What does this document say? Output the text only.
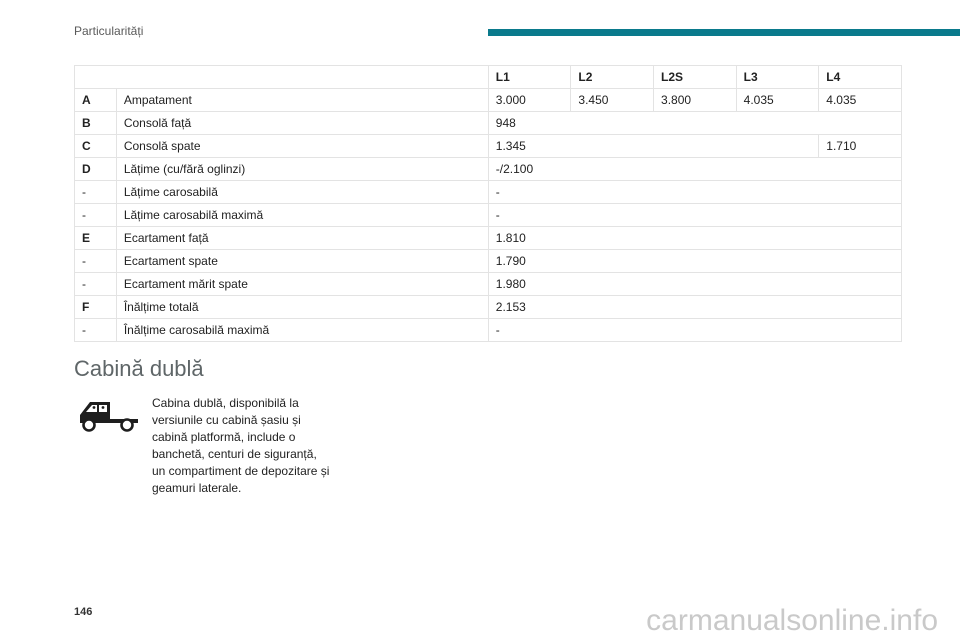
Particularități
		L1	L2	L2S	L3	L4
A	Ampatament	3.000	3.450	3.800	4.035	4.035
B	Consolă față	948				
C	Consolă spate	1.345				1.710
D	Lățime (cu/fără oglinzi)	-/2.100				
-	Lățime carosabilă	-				
-	Lățime carosabilă maximă	-				
E	Ecartament față	1.810				
-	Ecartament spate	1.790				
-	Ecartament mărit spate	1.980				
F	Înălțime totală	2.153				
-	Înălțime carosabilă maximă	-				
Cabină dublă
Cabina dublă, disponibilă la versiunile cu cabină șasiu și cabină platformă, include o banchetă, centuri de siguranță, un compartiment de depozitare și geamuri laterale.
146	carmanualsonline.info
